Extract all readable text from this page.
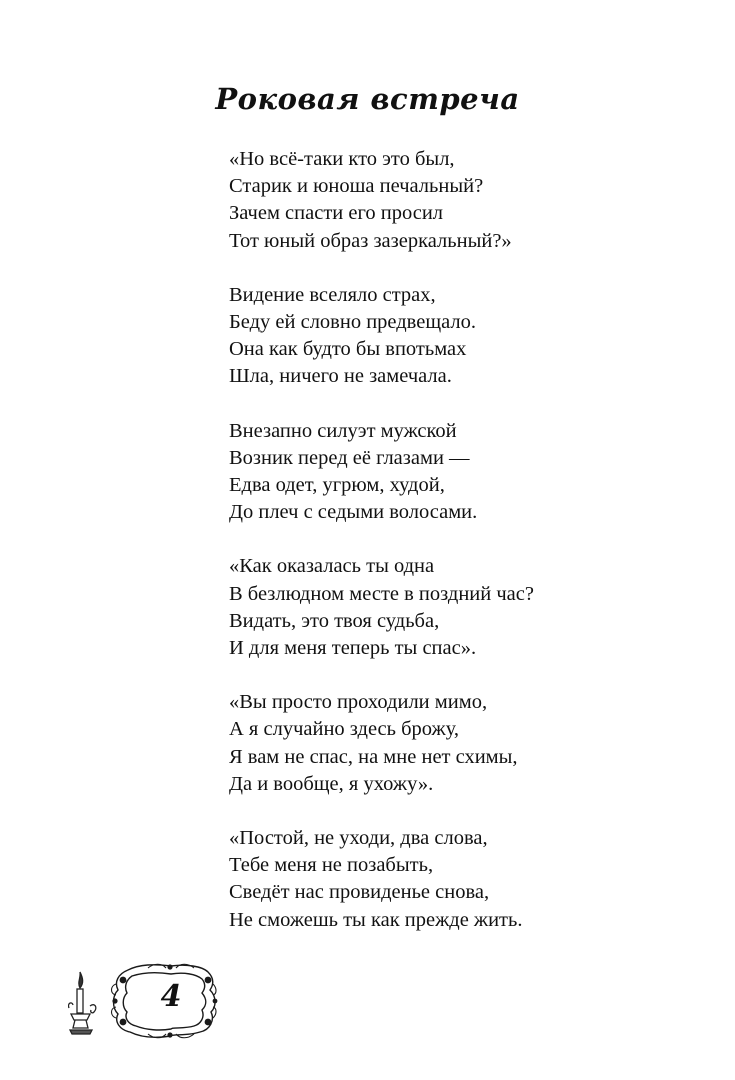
Роковая встреча
«Но всё-таки кто это был,
Старик и юноша печальный?
Зачем спасти его просил
Тот юный образ зазеркальный?»
Видение вселяло страх,
Беду ей словно предвещало.
Она как будто бы впотьмах
Шла, ничего не замечала.
Внезапно силуэт мужской
Возник перед её глазами —
Едва одет, угрюм, худой,
До плеч с седыми волосами.
«Как оказалась ты одна
В безлюдном месте в поздний час?
Видать, это твоя судьба,
И для меня теперь ты спас».
«Вы просто проходили мимо,
А я случайно здесь брожу,
Я вам не спас, на мне нет схимы,
Да и вообще, я ухожу».
«Постой, не уходи, два слова,
Тебе меня не позабыть,
Сведёт нас провиденье снова,
Не сможешь ты как прежде жить.
4
